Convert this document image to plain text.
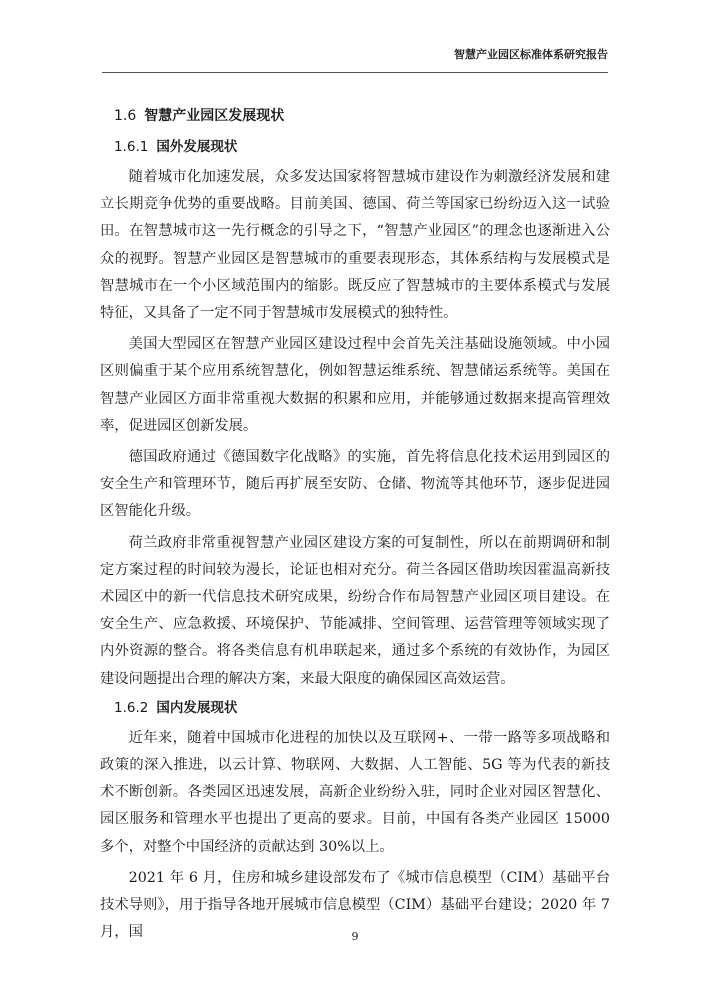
智慧产业园区标准体系研究报告
1.6 智慧产业园区发展现状
1.6.1 国外发展现状

随着城市化加速发展，众多发达国家将智慧城市建设作为刺激经济发展和建立长期竞争优势的重要战略。目前美国、德国、荷兰等国家已纷纷迈入这一试验田。在智慧城市这一先行概念的引导之下，“智慧产业园区”的理念也逐渐进入公众的视野。智慧产业园区是智慧城市的重要表现形态，其体系结构与发展模式是智慧城市在一个小区域范围内的缩影。既反应了智慧城市的主要体系模式与发展特征，又具备了一定不同于智慧城市发展模式的独特性。

美国大型园区在智慧产业园区建设过程中会首先关注基础设施领域。中小园区则偏重于某个应用系统智慧化，例如智慧运维系统、智慧储运系统等。美国在智慧产业园区方面非常重视大数据的积累和应用，并能够通过数据来提高管理效率，促进园区创新发展。

德国政府通过《德国数字化战略》的实施，首先将信息化技术运用到园区的安全生产和管理环节，随后再扩展至安防、仓储、物流等其他环节，逐步促进园区智能化升级。

荷兰政府非常重视智慧产业园区建设方案的可复制性，所以在前期调研和制定方案过程的时间较为漫长，论证也相对充分。荷兰各园区借助埃因霍温高新技术园区中的新一代信息技术研究成果，纷纷合作布局智慧产业园区项目建设。在安全生产、应急救援、环境保护、节能减排、空间管理、运营管理等领域实现了内外资源的整合。将各类信息有机串联起来，通过多个系统的有效协作，为园区建设问题提出合理的解决方案，来最大限度的确保园区高效运营。

1.6.2 国内发展现状

近年来，随着中国城市化进程的加快以及互联网+、一带一路等多项战略和政策的深入推进，以云计算、物联网、大数据、人工智能、5G 等为代表的新技术不断创新。各类园区迅速发展，高新企业纷纷入驻，同时企业对园区智慧化、园区服务和管理水平也提出了更高的要求。目前，中国有各类产业园区 15000 多个，对整个中国经济的贡献达到 30%以上。

2021 年 6 月，住房和城乡建设部发布了《城市信息模型（CIM）基础平台技术导则》，用于指导各地开展城市信息模型（CIM）基础平台建设；2020 年 7 月，国	9
